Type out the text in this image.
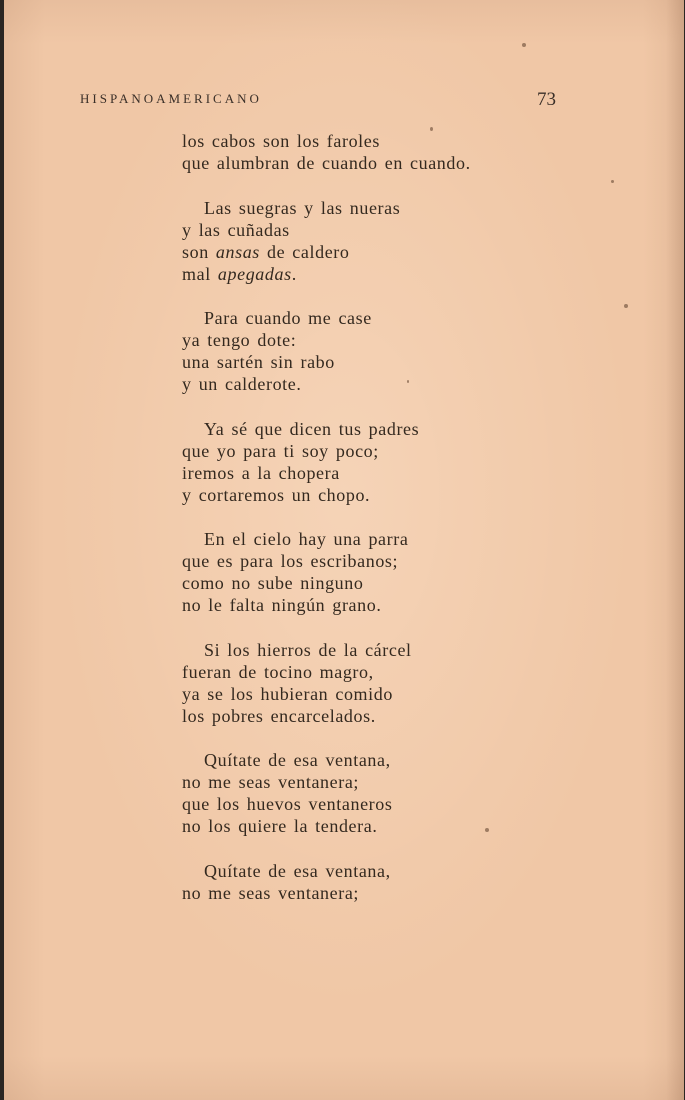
HISPANOAMERICANO	73
los cabos son los faroles
que alumbran de cuando en cuando.
Las suegras y las nueras
y las cuñadas
son ansas de caldero
mal apegadas.
Para cuando me case
ya tengo dote:
una sartén sin rabo
y un calderote.
Ya sé que dicen tus padres
que yo para ti soy poco;
iremos a la chopera
y cortaremos un chopo.
En el cielo hay una parra
que es para los escribanos;
como no sube ninguno
no le falta ningún grano.
Si los hierros de la cárcel
fueran de tocino magro,
ya se los hubieran comido
los pobres encarcelados.
Quítate de esa ventana,
no me seas ventanera;
que los huevos ventaneros
no los quiere la tendera.
Quítate de esa ventana,
no me seas ventanera;
